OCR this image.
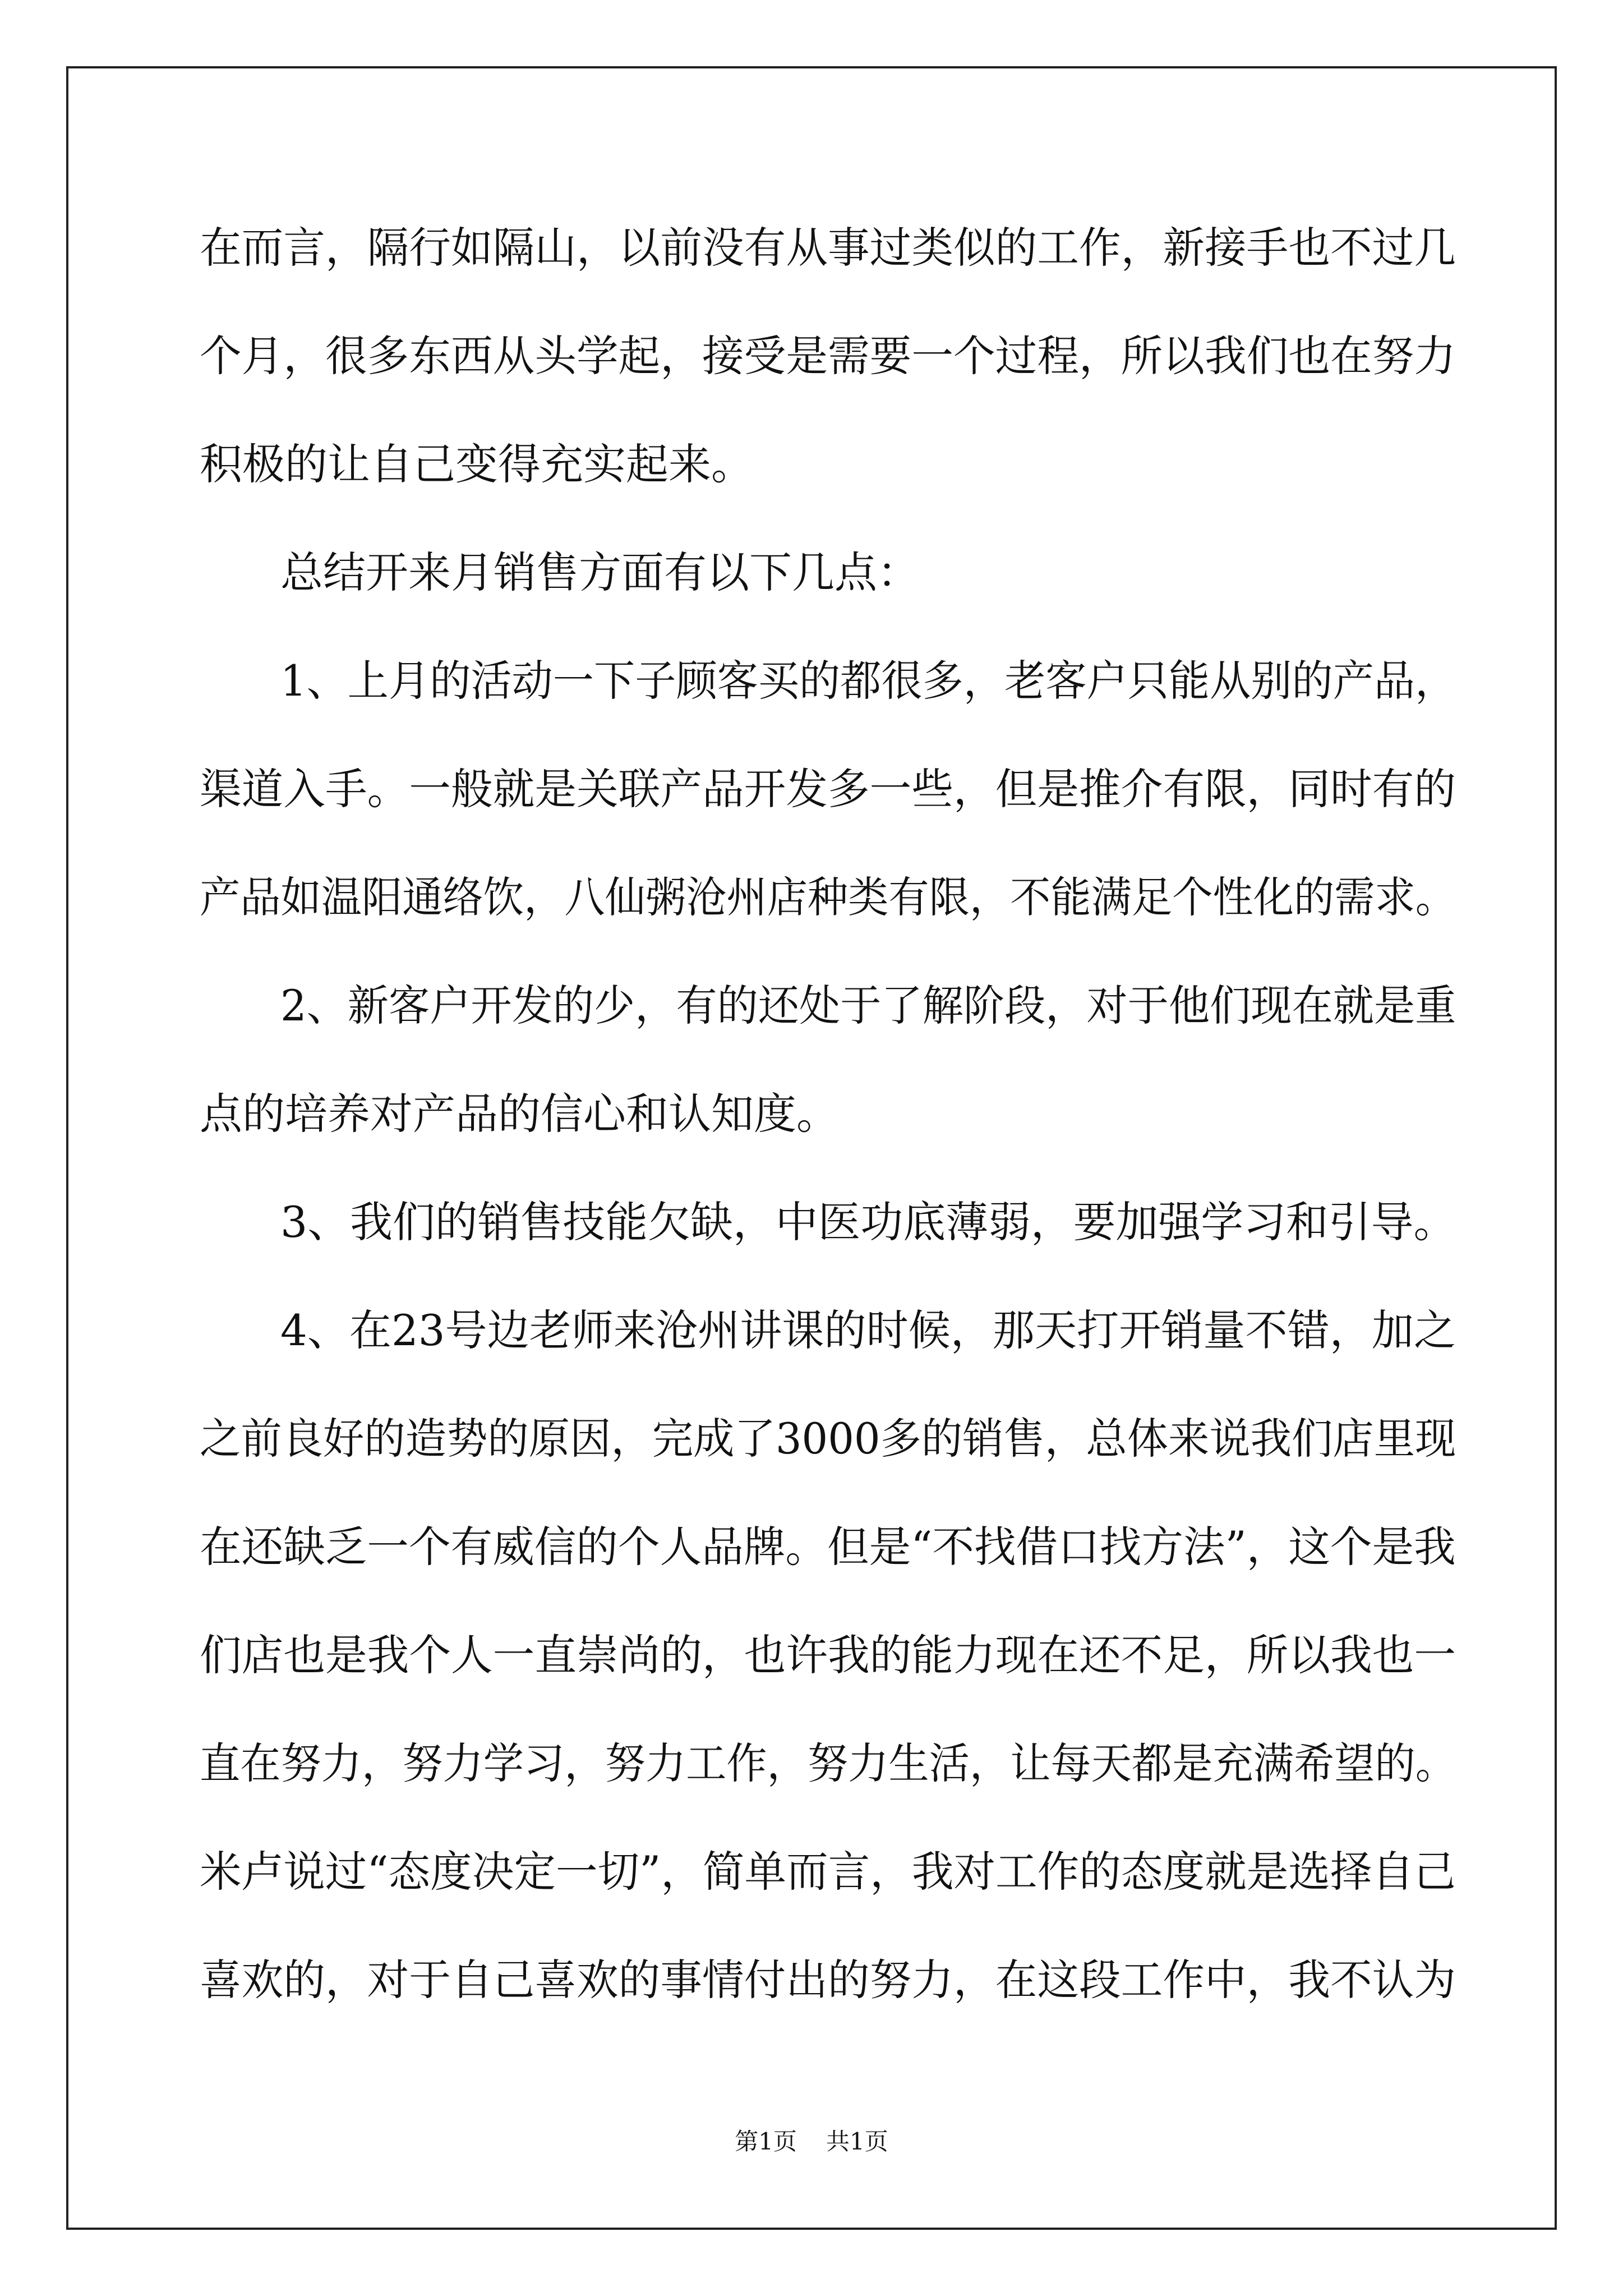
在而言，隔行如隔山，以前没有从事过类似的工作，新接手也不过几
个月，很多东西从头学起，接受是需要一个过程，所以我们也在努力
积极的让自己变得充实起来。
总结开来月销售方面有以下几点：
1、上月的活动一下子顾客买的都很多，老客户只能从别的产品，
渠道入手。一般就是关联产品开发多一些，但是推介有限，同时有的
产品如温阳通络饮，八仙粥沧州店种类有限，不能满足个性化的需求。
2、新客户开发的少，有的还处于了解阶段，对于他们现在就是重
点的培养对产品的信心和认知度。
3、我们的销售技能欠缺，中医功底薄弱，要加强学习和引导。
4、在23号边老师来沧州讲课的时候，那天打开销量不错，加之
之前良好的造势的原因，完成了3000多的销售，总体来说我们店里现
在还缺乏一个有威信的个人品牌。但是“不找借口找方法”，这个是我
们店也是我个人一直崇尚的，也许我的能力现在还不足，所以我也一
直在努力，努力学习，努力工作，努力生活，让每天都是充满希望的。
米卢说过“态度决定一切”，简单而言，我对工作的态度就是选择自己
喜欢的，对于自己喜欢的事情付出的努力，在这段工作中，我不认为
第1页 共1页
